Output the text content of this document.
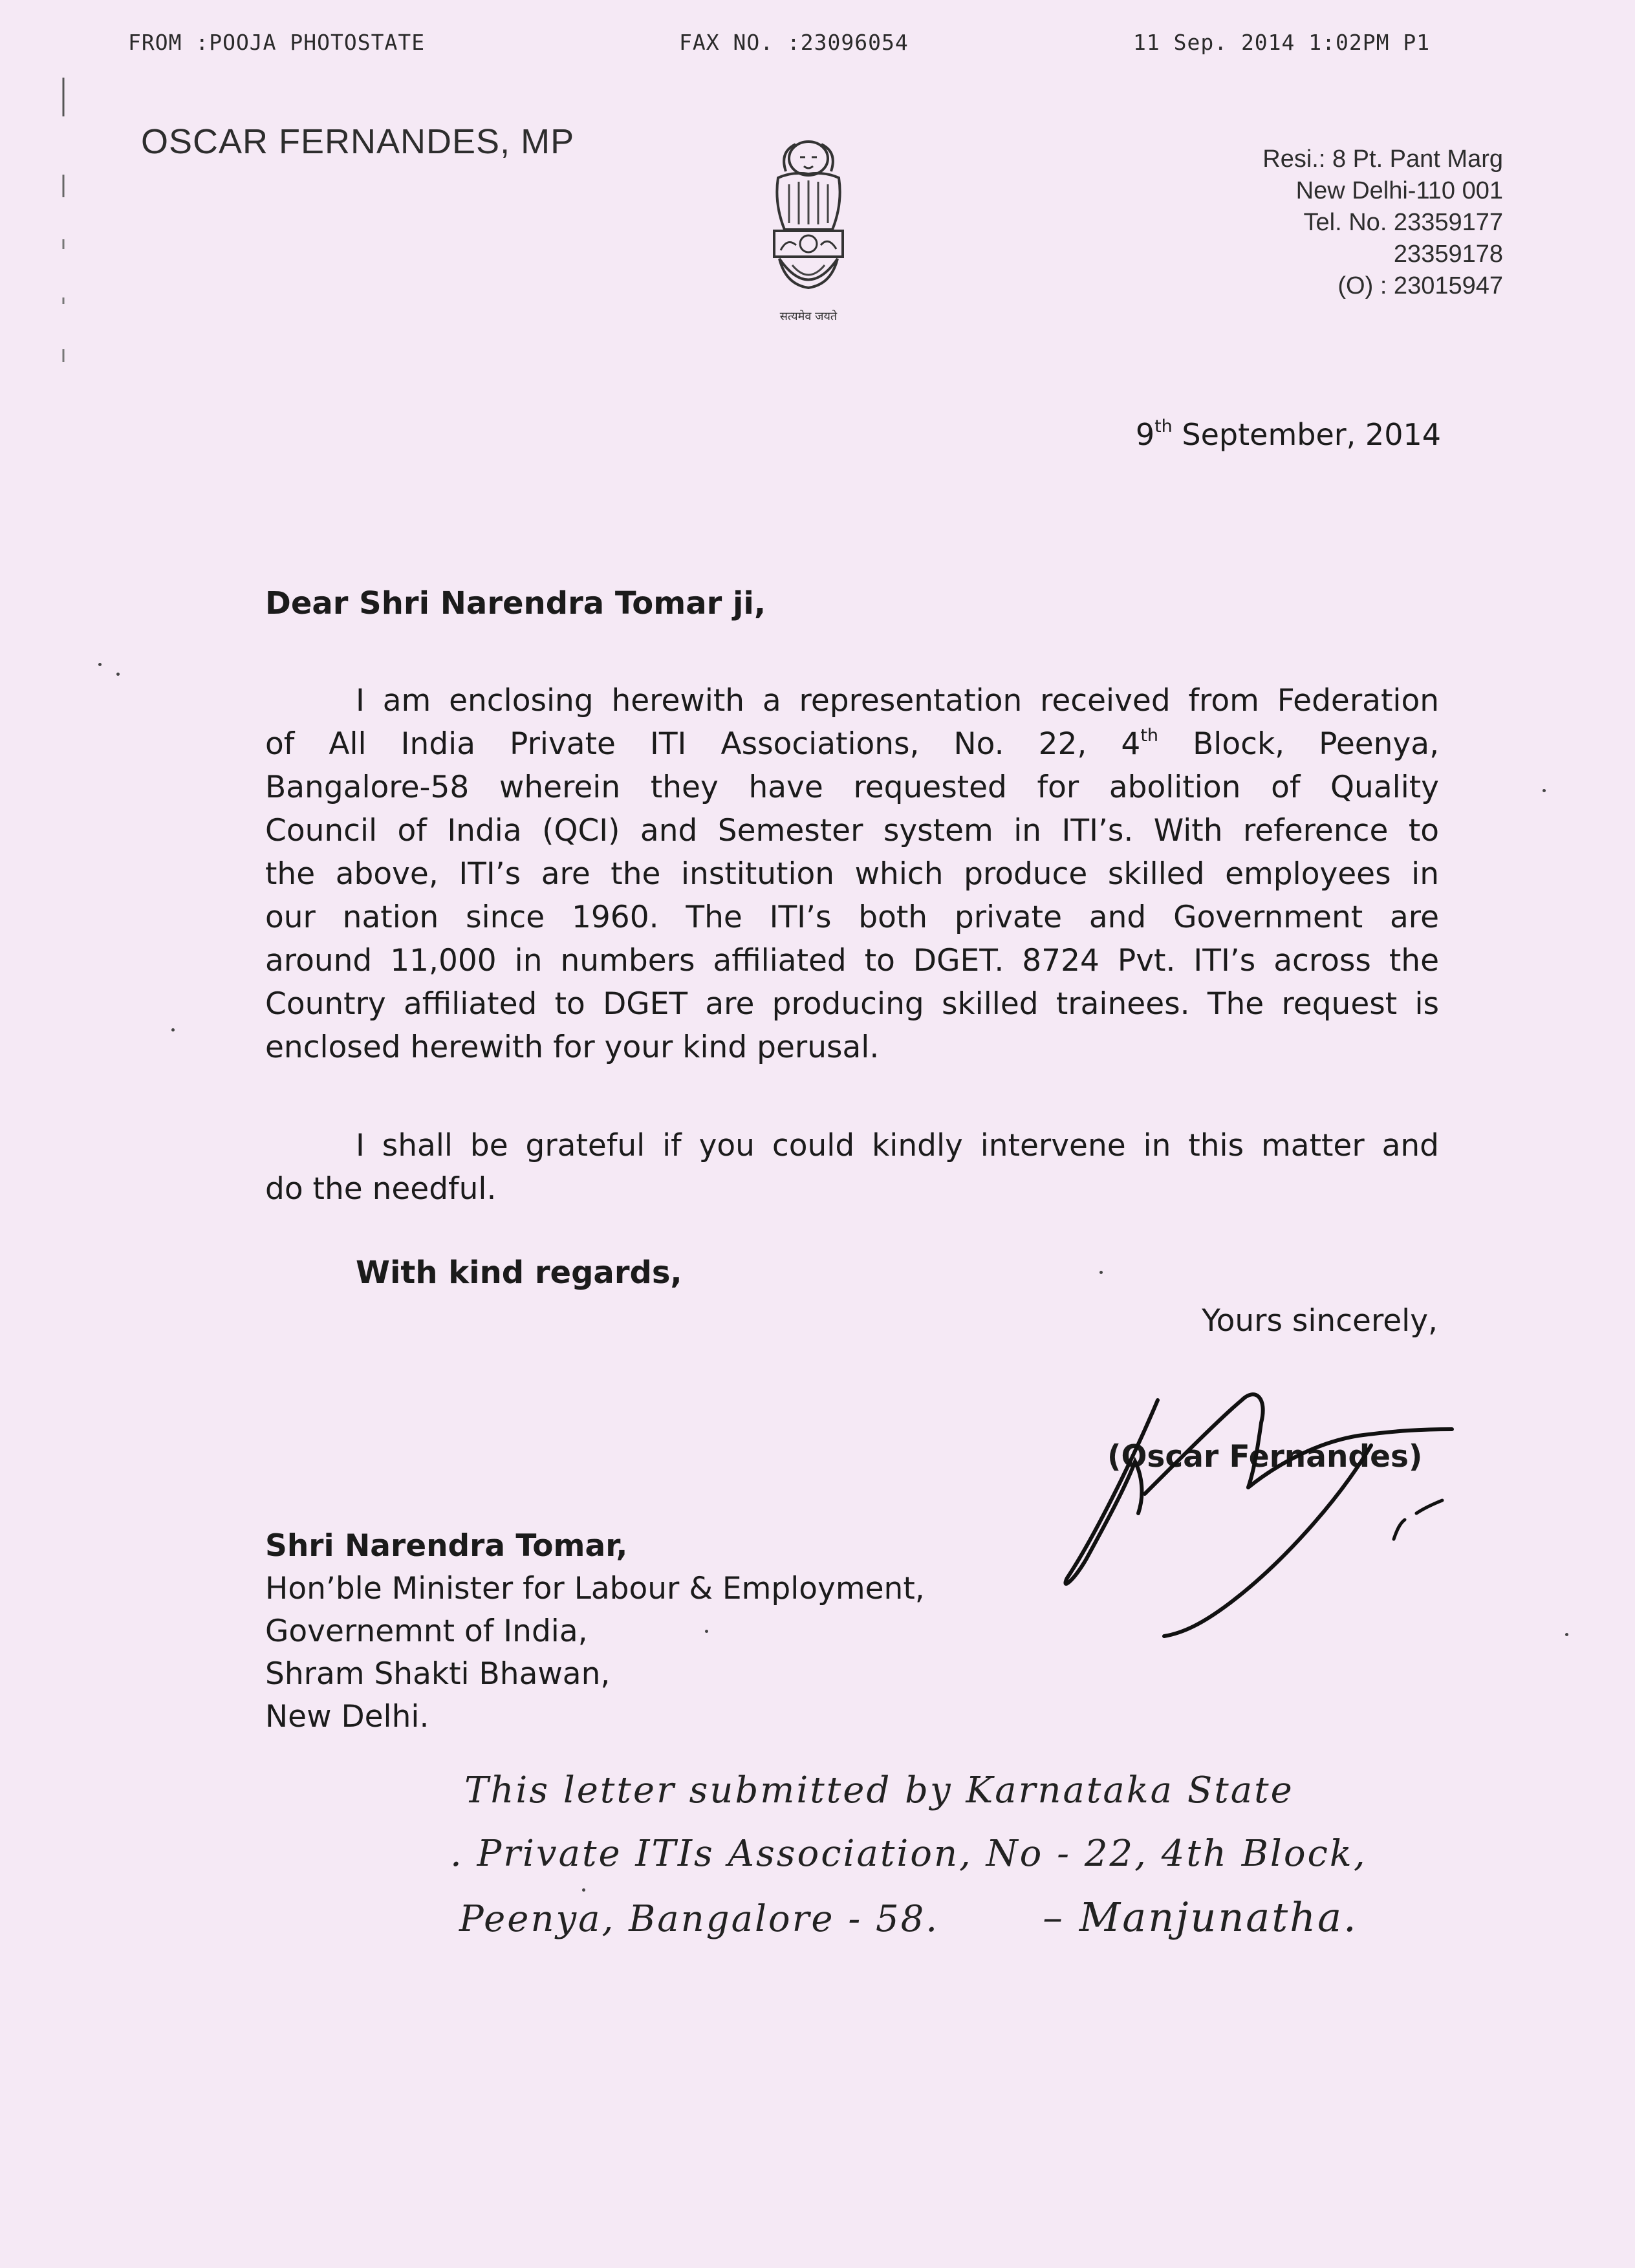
FROM :POOJA PHOTOSTATE	FAX NO. :23096054	11 Sep. 2014 1:02PM P1
OSCAR FERNANDES, MP
सत्यमेव जयते
Resi.: 8 Pt. Pant Marg
New Delhi-110 001
Tel. No. 23359177
23359178
(O) : 23015947
9th September, 2014
Dear Shri Narendra Tomar ji,
I am enclosing herewith a representation received from Federation
of All India Private ITI Associations, No. 22, 4th Block, Peenya,
Bangalore-58 wherein they have requested for abolition of Quality
Council of India (QCI) and Semester system in ITI’s. With reference to
the above, ITI’s are the institution which produce skilled employees in
our nation since 1960. The ITI’s both private and Government are
around 11,000 in numbers affiliated to DGET. 8724 Pvt. ITI’s across the
Country affiliated to DGET are producing skilled trainees. The request is
enclosed herewith for your kind perusal.
I shall be grateful if you could kindly intervene in this matter and
do the needful.
With kind regards,
Yours sincerely,
(Oscar Fernandes)
Shri Narendra Tomar,
Hon’ble Minister for Labour & Employment,
Governemnt of India,
Shram Shakti Bhawan,
New Delhi.
This letter submitted by Karnataka State
. Private ITIs Association, No - 22, 4th Block,
Peenya, Bangalore - 58.	– Manjunatha.
